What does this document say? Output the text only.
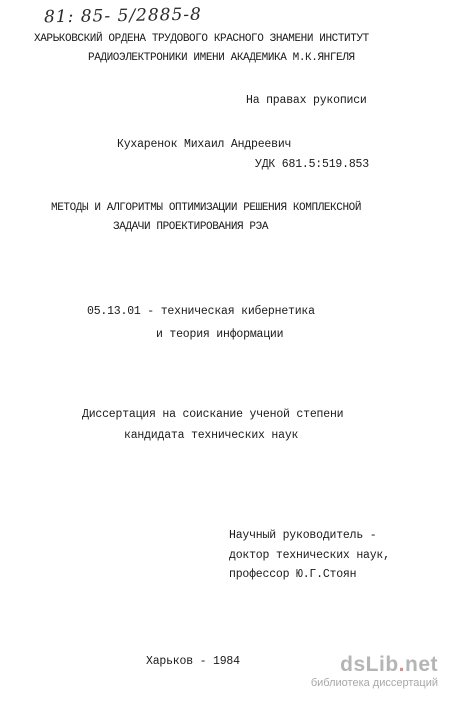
81: 85- 5/2885-8
ХАРЬКОВСКИЙ ОРДЕНА ТРУДОВОГО КРАСНОГО ЗНАМЕНИ ИНСТИТУТ
РАДИОЭЛЕКТРОНИКИ ИМЕНИ АКАДЕМИКА М.К.ЯНГЕЛЯ
На правах рукописи
Кухаренок Михаил Андреевич
УДК 681.5:519.853
МЕТОДЫ И АЛГОРИТМЫ ОПТИМИЗАЦИИ РЕШЕНИЯ КОМПЛЕКСНОЙ
ЗАДАЧИ ПРОЕКТИРОВАНИЯ РЭА
05.13.01 - техническая кибернетика
и теория информации
Диссертация на соискание ученой степени
кандидата технических наук
Научный руководитель -
доктор технических наук,
профессор Ю.Г.Стоян
Харьков - 1984	dsLib.net
библиотека диссертаций
